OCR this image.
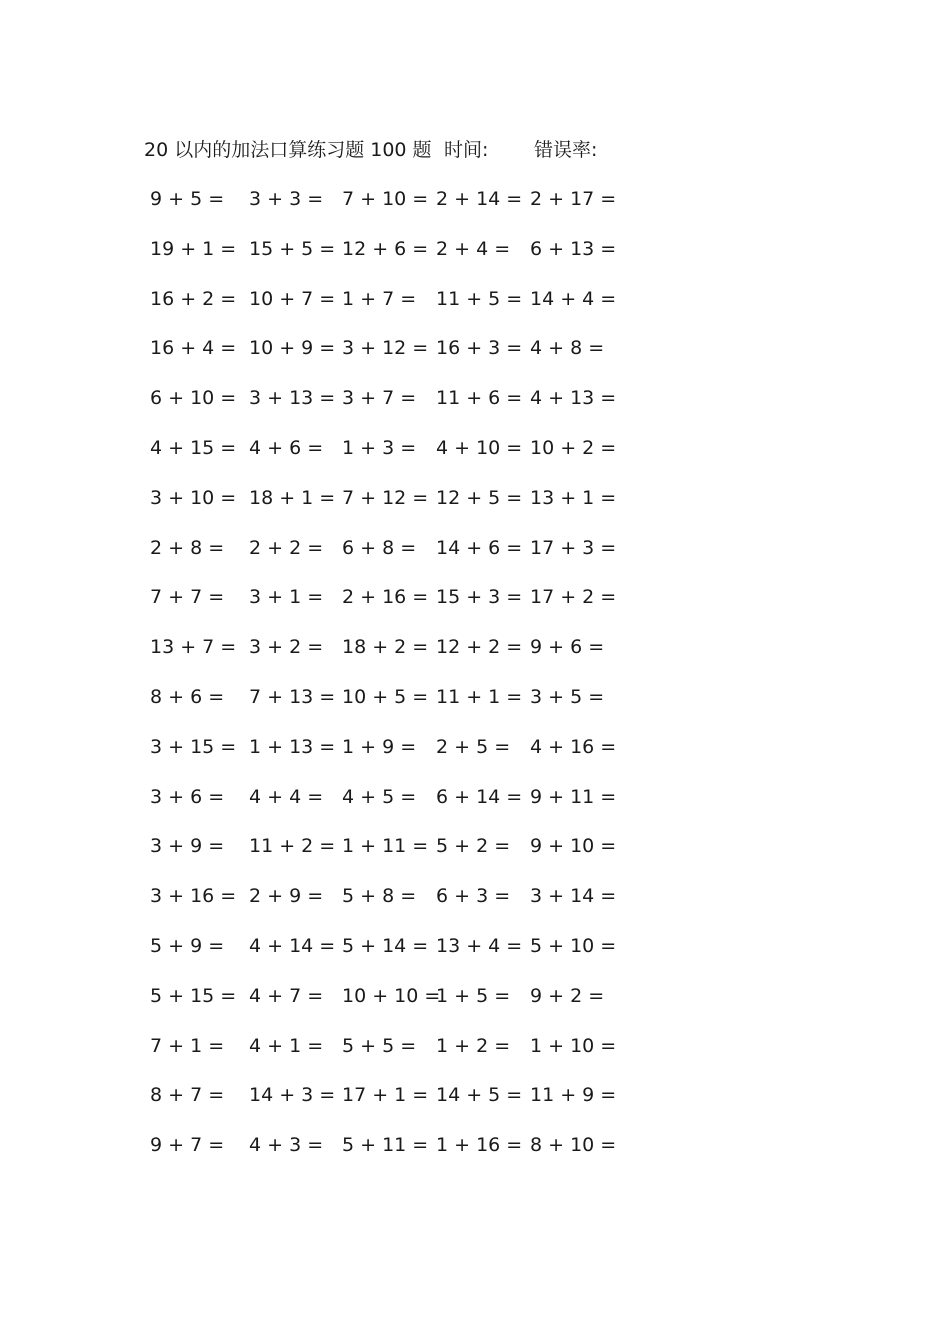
20 以内的加法口算练习题 100 题 时间: 错误率:
9 + 5 = 3 + 3 = 7 + 10 = 2 + 14 = 2 + 17 =
19 + 1 = 15 + 5 = 12 + 6 = 2 + 4 = 6 + 13 =
16 + 2 = 10 + 7 = 1 + 7 = 11 + 5 = 14 + 4 =
16 + 4 = 10 + 9 = 3 + 12 = 16 + 3 = 4 + 8 =
6 + 10 = 3 + 13 = 3 + 7 = 11 + 6 = 4 + 13 =
4 + 15 = 4 + 6 = 1 + 3 = 4 + 10 = 10 + 2 =
3 + 10 = 18 + 1 = 7 + 12 = 12 + 5 = 13 + 1 =
2 + 8 = 2 + 2 = 6 + 8 = 14 + 6 = 17 + 3 =
7 + 7 = 3 + 1 = 2 + 16 = 15 + 3 = 17 + 2 =
13 + 7 = 3 + 2 = 18 + 2 = 12 + 2 = 9 + 6 =
8 + 6 = 7 + 13 = 10 + 5 = 11 + 1 = 3 + 5 =
3 + 15 = 1 + 13 = 1 + 9 = 2 + 5 = 4 + 16 =
3 + 6 = 4 + 4 = 4 + 5 = 6 + 14 = 9 + 11 =
3 + 9 = 11 + 2 = 1 + 11 = 5 + 2 = 9 + 10 =
3 + 16 = 2 + 9 = 5 + 8 = 6 + 3 = 3 + 14 =
5 + 9 = 4 + 14 = 5 + 14 = 13 + 4 = 5 + 10 =
5 + 15 = 4 + 7 = 10 + 10 =
1 + 5 = 9 + 2 =
7 + 1 = 4 + 1 = 5 + 5 = 1 + 2 = 1 + 10 =
8 + 7 = 14 + 3 = 17 + 1 = 14 + 5 = 11 + 9 =
9 + 7 = 4 + 3 = 5 + 11 = 1 + 16 = 8 + 10 =
